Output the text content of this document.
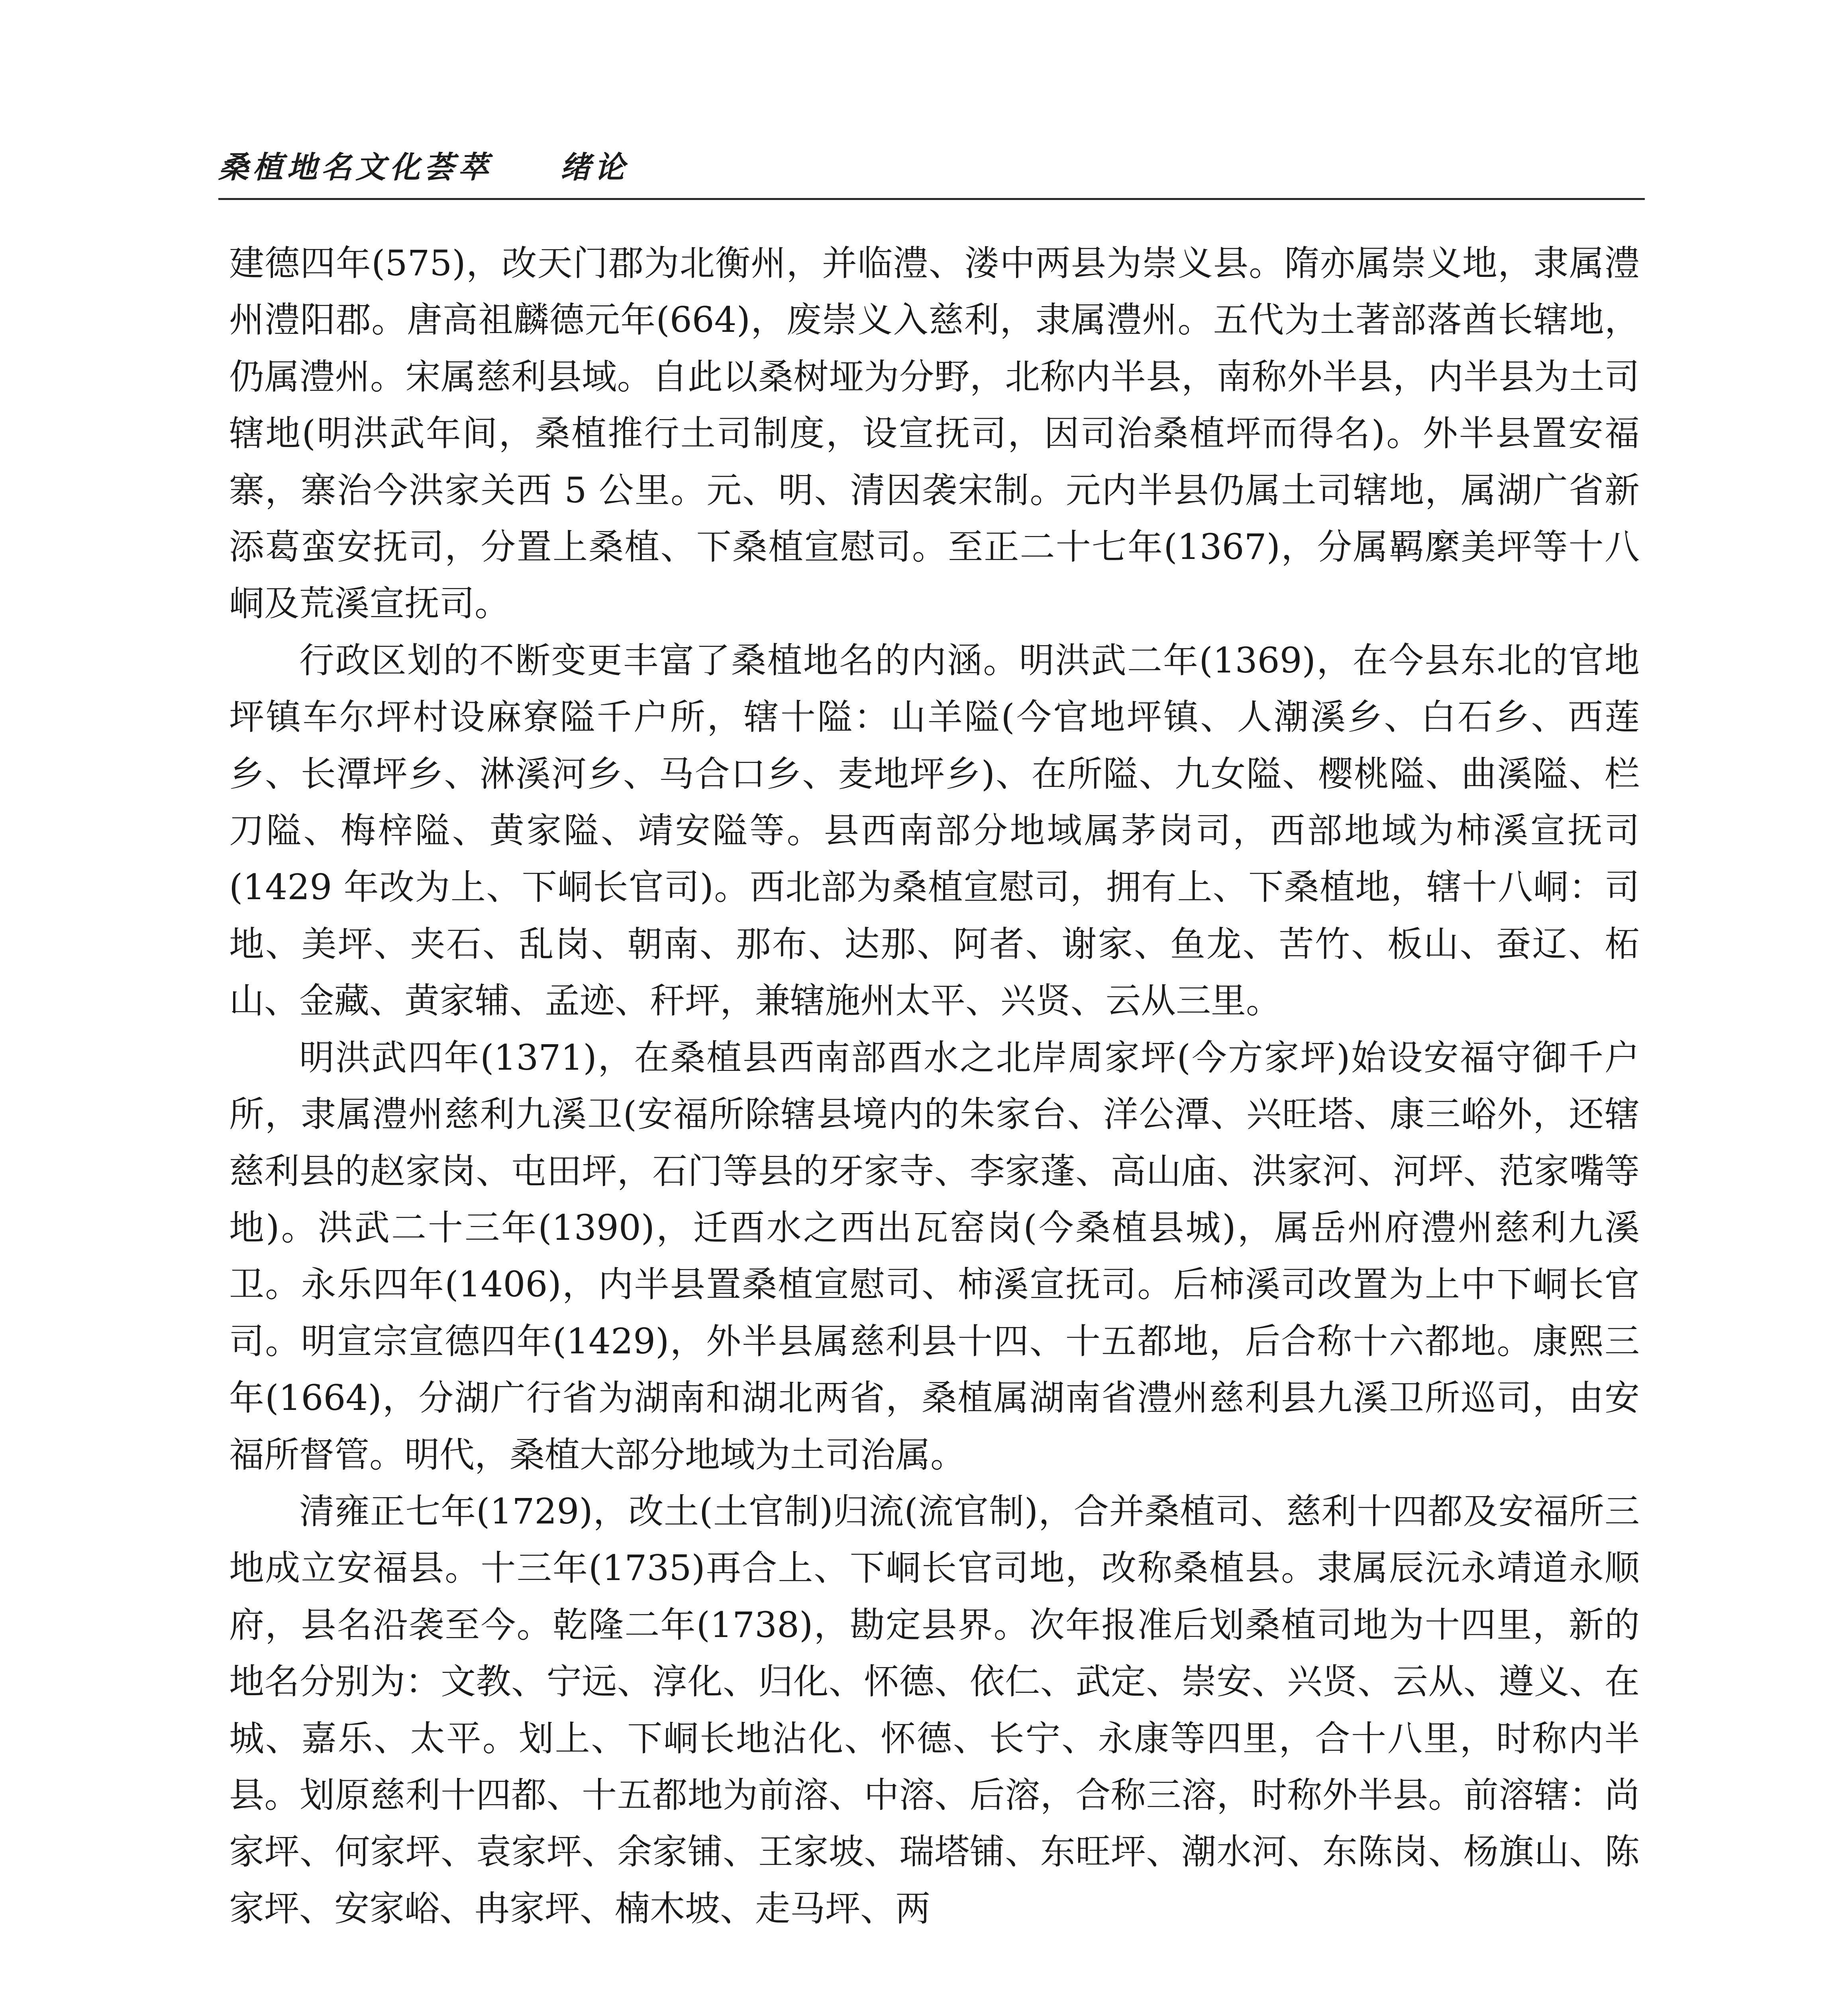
桑植地名文化荟萃 绪论

建德四年(575)，改天门郡为北衡州，并临澧、溇中两县为崇义县。隋亦属崇义地，隶属澧州澧阳郡。唐高祖麟德元年(664)，废崇义入慈利，隶属澧州。五代为土著部落酋长辖地，仍属澧州。宋属慈利县域。自此以桑树垭为分野，北称内半县，南称外半县，内半县为土司辖地(明洪武年间，桑植推行土司制度，设宣抚司，因司治桑植坪而得名)。外半县置安福寨，寨治今洪家关西 5 公里。元、明、清因袭宋制。元内半县仍属土司辖地，属湖广省新添葛蛮安抚司，分置上桑植、下桑植宣慰司。至正二十七年(1367)，分属羁縻美坪等十八峒及荒溪宣抚司。

行政区划的不断变更丰富了桑植地名的内涵。明洪武二年(1369)，在今县东北的官地坪镇车尔坪村设麻寮隘千户所，辖十隘：山羊隘(今官地坪镇、人潮溪乡、白石乡、西莲乡、长潭坪乡、淋溪河乡、马合口乡、麦地坪乡)、在所隘、九女隘、樱桃隘、曲溪隘、栏刀隘、梅梓隘、黄家隘、靖安隘等。县西南部分地域属茅岗司，西部地域为柿溪宣抚司(1429 年改为上、下峒长官司)。西北部为桑植宣慰司，拥有上、下桑植地，辖十八峒：司地、美坪、夹石、乱岗、朝南、那布、达那、阿者、谢家、鱼龙、苦竹、板山、蚕辽、柘山、金藏、黄家辅、孟迹、秆坪，兼辖施州太平、兴贤、云从三里。

明洪武四年(1371)，在桑植县西南部酉水之北岸周家坪(今方家坪)始设安福守御千户所，隶属澧州慈利九溪卫(安福所除辖县境内的朱家台、洋公潭、兴旺塔、康三峪外，还辖慈利县的赵家岗、屯田坪，石门等县的牙家寺、李家蓬、高山庙、洪家河、河坪、范家嘴等地)。洪武二十三年(1390)，迁酉水之西出瓦窑岗(今桑植县城)，属岳州府澧州慈利九溪卫。永乐四年(1406)，内半县置桑植宣慰司、柿溪宣抚司。后柿溪司改置为上中下峒长官司。明宣宗宣德四年(1429)，外半县属慈利县十四、十五都地，后合称十六都地。康熙三年(1664)，分湖广行省为湖南和湖北两省，桑植属湖南省澧州慈利县九溪卫所巡司，由安福所督管。明代，桑植大部分地域为土司治属。

清雍正七年(1729)，改土(土官制)归流(流官制)，合并桑植司、慈利十四都及安福所三地成立安福县。十三年(1735)再合上、下峒长官司地，改称桑植县。隶属辰沅永靖道永顺府，县名沿袭至今。乾隆二年(1738)，勘定县界。次年报准后划桑植司地为十四里，新的地名分别为：文教、宁远、淳化、归化、怀德、依仁、武定、崇安、兴贤、云从、遵义、在城、嘉乐、太平。划上、下峒长地沾化、怀德、长宁、永康等四里，合十八里，时称内半县。划原慈利十四都、十五都地为前溶、中溶、后溶，合称三溶，时称外半县。前溶辖：尚家坪、何家坪、袁家坪、余家铺、王家坡、瑞塔铺、东旺坪、潮水河、东陈岗、杨旗山、陈家坪、安家峪、冉家坪、楠木坡、走马坪、两
